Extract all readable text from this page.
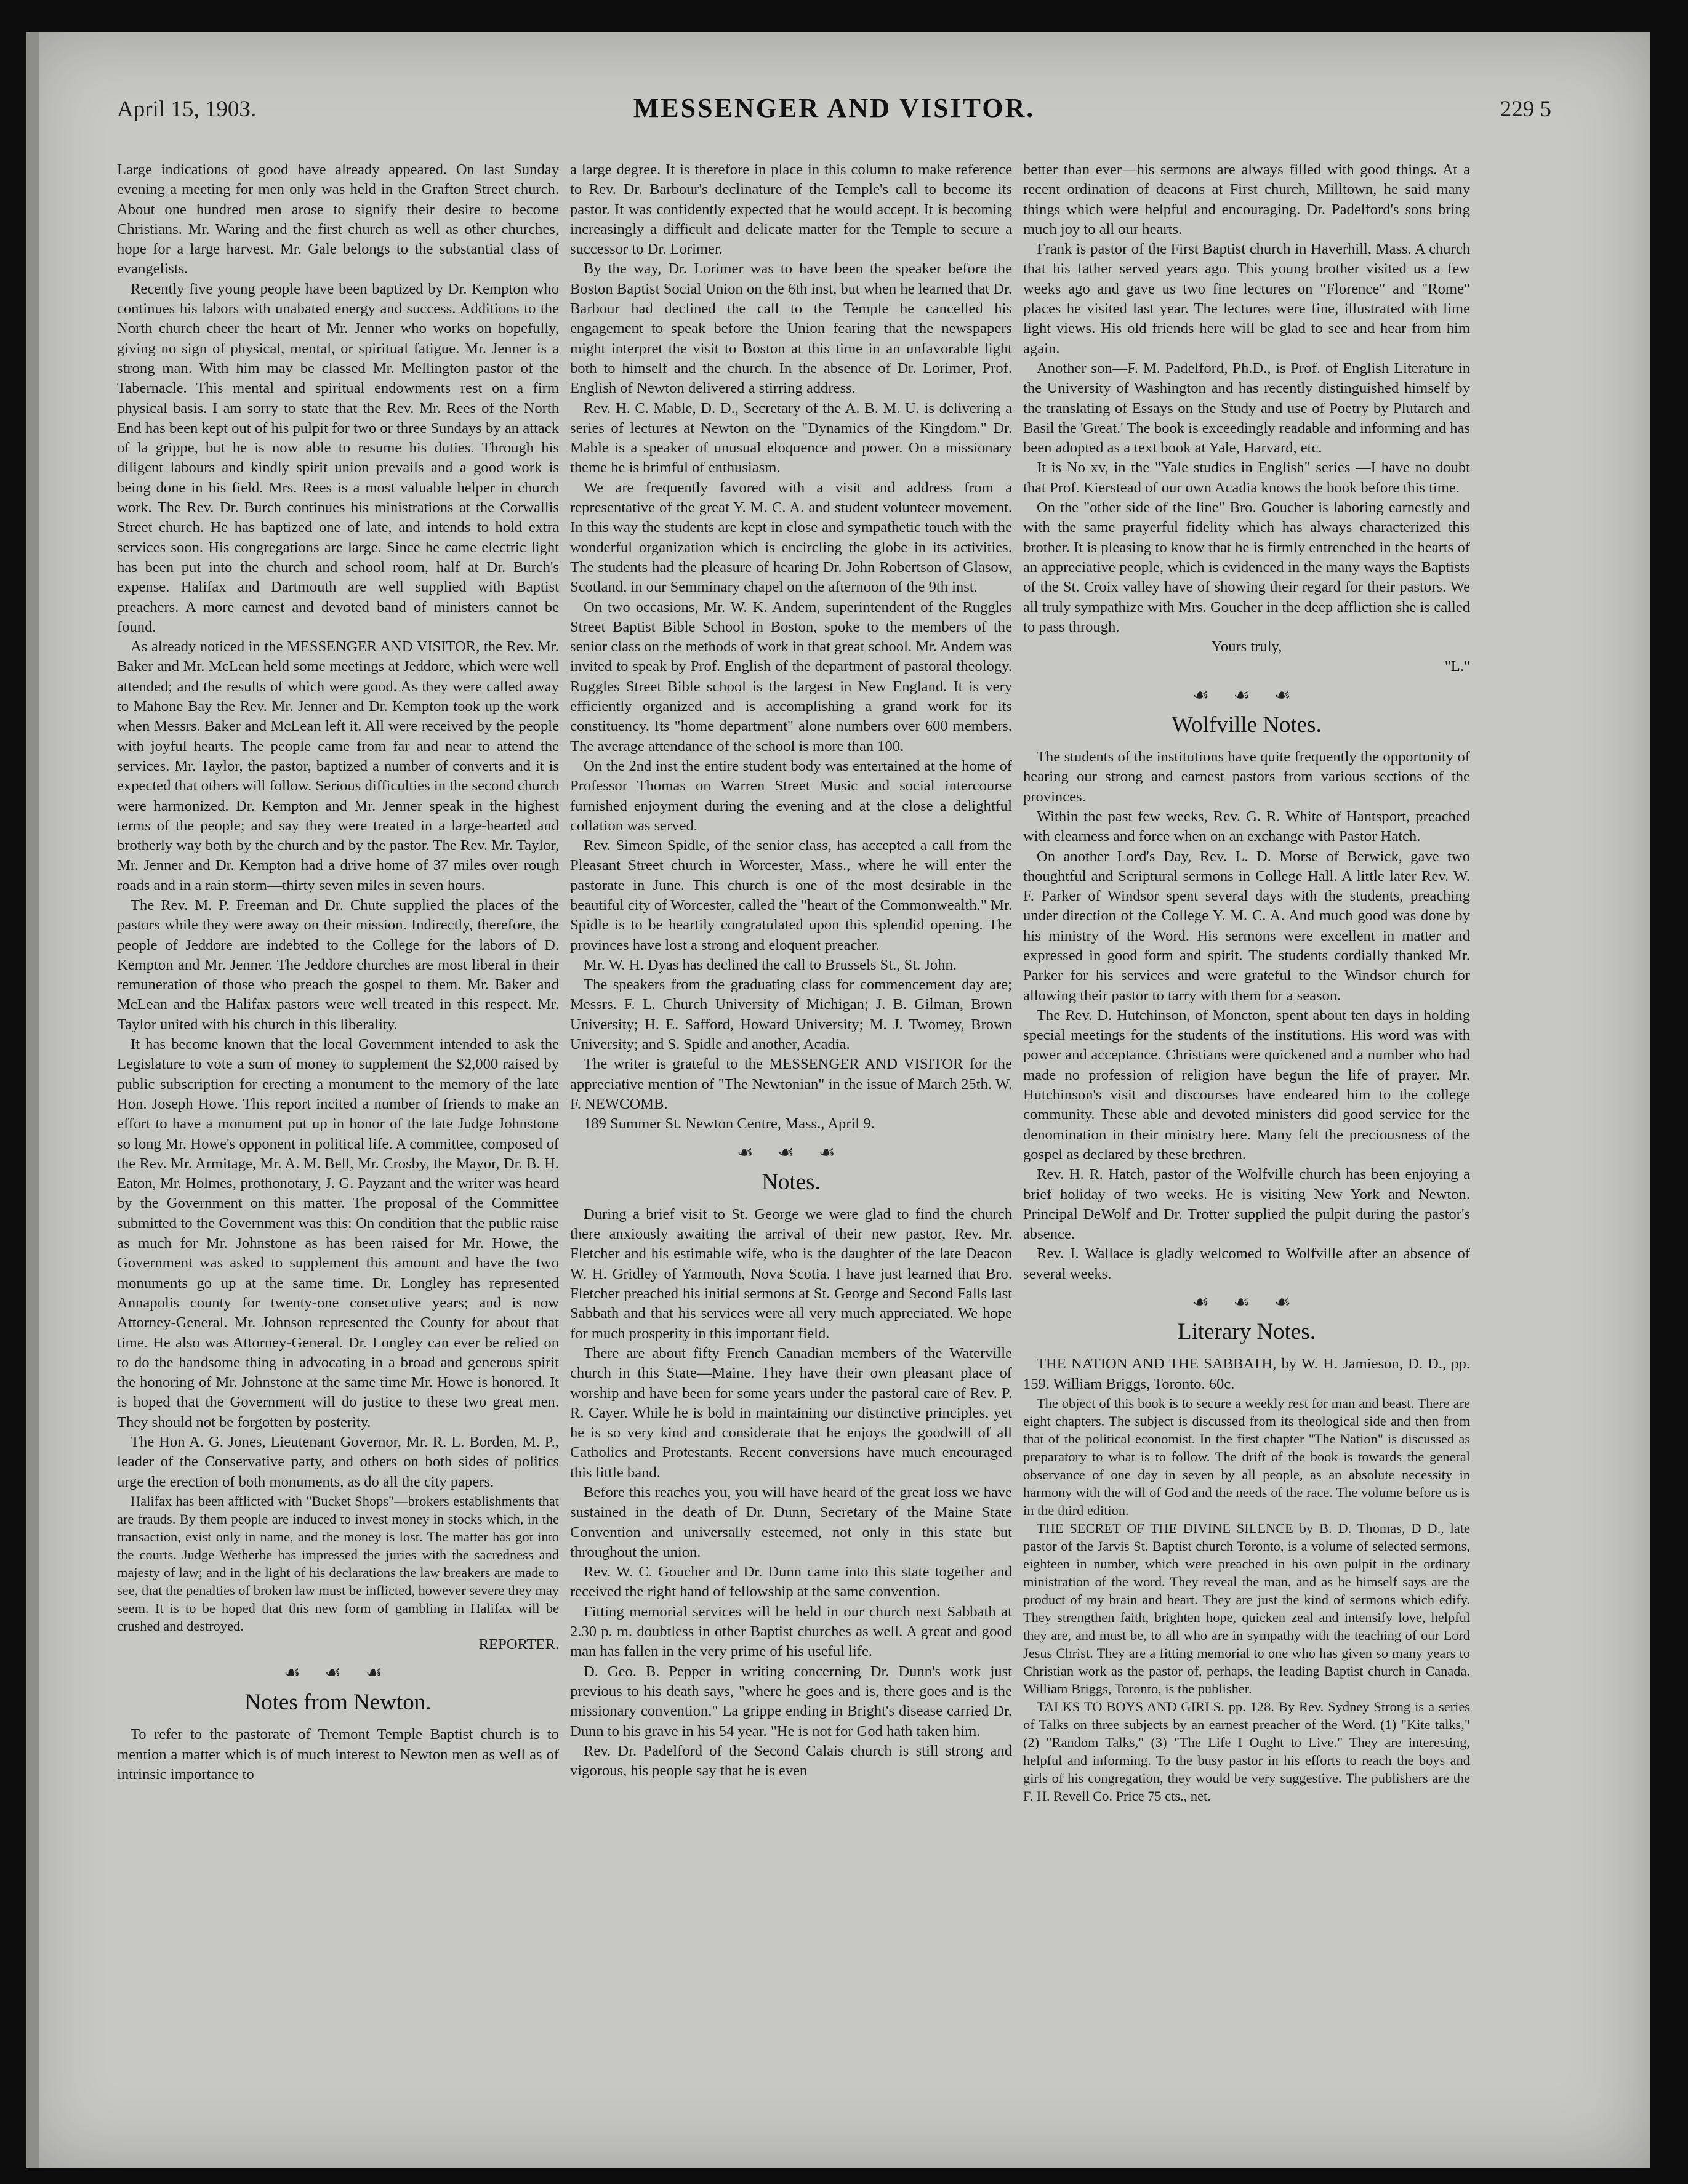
April 15, 1903.	MESSENGER AND VISITOR.	229 5

Large indications of good have already appeared. On last Sunday evening a meeting for men only was held in the Grafton Street church. About one hundred men arose to signify their desire to become Christians. Mr. Waring and the first church as well as other churches, hope for a large harvest. Mr. Gale belongs to the substantial class of evangelists.

Recently five young people have been baptized by Dr. Kempton who continues his labors with unabated energy and success. Additions to the North church cheer the heart of Mr. Jenner who works on hopefully, giving no sign of physical, mental, or spiritual fatigue. Mr. Jenner is a strong man. With him may be classed Mr. Mellington pastor of the Tabernacle. This mental and spiritual endowments rest on a firm physical basis. I am sorry to state that the Rev. Mr. Rees of the North End has been kept out of his pulpit for two or three Sundays by an attack of la grippe, but he is now able to resume his duties. Through his diligent labours and kindly spirit union prevails and a good work is being done in his field. Mrs. Rees is a most valuable helper in church work. The Rev. Dr. Burch continues his ministrations at the Corwallis Street church. He has baptized one of late, and intends to hold extra services soon. His congregations are large. Since he came electric light has been put into the church and school room, half at Dr. Burch's expense. Halifax and Dartmouth are well supplied with Baptist preachers. A more earnest and devoted band of ministers cannot be found.

As already noticed in the MESSENGER AND VISITOR, the Rev. Mr. Baker and Mr. McLean held some meetings at Jeddore, which were well attended; and the results of which were good. As they were called away to Mahone Bay the Rev. Mr. Jenner and Dr. Kempton took up the work when Messrs. Baker and McLean left it. All were received by the people with joyful hearts. The people came from far and near to attend the services. Mr. Taylor, the pastor, baptized a number of converts and it is expected that others will follow. Serious difficulties in the second church were harmonized. Dr. Kempton and Mr. Jenner speak in the highest terms of the people; and say they were treated in a large-hearted and brotherly way both by the church and by the pastor. The Rev. Mr. Taylor, Mr. Jenner and Dr. Kempton had a drive home of 37 miles over rough roads and in a rain storm—thirty seven miles in seven hours.

The Rev. M. P. Freeman and Dr. Chute supplied the places of the pastors while they were away on their mission. Indirectly, therefore, the people of Jeddore are indebted to the College for the labors of D. Kempton and Mr. Jenner. The Jeddore churches are most liberal in their remuneration of those who preach the gospel to them. Mr. Baker and McLean and the Halifax pastors were well treated in this respect. Mr. Taylor united with his church in this liberality.

It has become known that the local Government intended to ask the Legislature to vote a sum of money to supplement the $2,000 raised by public subscription for erecting a monument to the memory of the late Hon. Joseph Howe. This report incited a number of friends to make an effort to have a monument put up in honor of the late Judge Johnstone so long Mr. Howe's opponent in political life. A committee, composed of the Rev. Mr. Armitage, Mr. A. M. Bell, Mr. Crosby, the Mayor, Dr. B. H. Eaton, Mr. Holmes, prothonotary, J. G. Payzant and the writer was heard by the Government on this matter. The proposal of the Committee submitted to the Government was this: On condition that the public raise as much for Mr. Johnstone as has been raised for Mr. Howe, the Government was asked to supplement this amount and have the two monuments go up at the same time. Dr. Longley has represented Annapolis county for twenty-one consecutive years; and is now Attorney-General. Mr. Johnson represented the County for about that time. He also was Attorney-General. Dr. Longley can ever be relied on to do the handsome thing in advocating in a broad and generous spirit the honoring of Mr. Johnstone at the same time Mr. Howe is honored. It is hoped that the Government will do justice to these two great men. They should not be forgotten by posterity.

The Hon A. G. Jones, Lieutenant Governor, Mr. R. L. Borden, M. P., leader of the Conservative party, and others on both sides of politics urge the erection of both monuments, as do all the city papers.

Halifax has been afflicted with "Bucket Shops"—brokers establishments that are frauds. By them people are induced to invest money in stocks which, in the transaction, exist only in name, and the money is lost. The matter has got into the courts. Judge Wetherbe has impressed the juries with the sacredness and majesty of law; and in the light of his declarations the law breakers are made to see, that the penalties of broken law must be inflicted, however severe they may seem. It is to be hoped that this new form of gambling in Halifax will be crushed and destroyed.

REPORTER.

☙ ☙ ☙
Notes from Newton.

To refer to the pastorate of Tremont Temple Baptist church is to mention a matter which is of much interest to Newton men as well as of intrinsic importance to

a large degree. It is therefore in place in this column to make reference to Rev. Dr. Barbour's declinature of the Temple's call to become its pastor. It was confidently expected that he would accept. It is becoming increasingly a difficult and delicate matter for the Temple to secure a successor to Dr. Lorimer.

By the way, Dr. Lorimer was to have been the speaker before the Boston Baptist Social Union on the 6th inst, but when he learned that Dr. Barbour had declined the call to the Temple he cancelled his engagement to speak before the Union fearing that the newspapers might interpret the visit to Boston at this time in an unfavorable light both to himself and the church. In the absence of Dr. Lorimer, Prof. English of Newton delivered a stirring address.

Rev. H. C. Mable, D. D., Secretary of the A. B. M. U. is delivering a series of lectures at Newton on the "Dynamics of the Kingdom." Dr. Mable is a speaker of unusual eloquence and power. On a missionary theme he is brimful of enthusiasm.

We are frequently favored with a visit and address from a representative of the great Y. M. C. A. and student volunteer movement. In this way the students are kept in close and sympathetic touch with the wonderful organization which is encircling the globe in its activities. The students had the pleasure of hearing Dr. John Robertson of Glasow, Scotland, in our Semminary chapel on the afternoon of the 9th inst.

On two occasions, Mr. W. K. Andem, superintendent of the Ruggles Street Baptist Bible School in Boston, spoke to the members of the senior class on the methods of work in that great school. Mr. Andem was invited to speak by Prof. English of the department of pastoral theology. Ruggles Street Bible school is the largest in New England. It is very efficiently organized and is accomplishing a grand work for its constituency. Its "home department" alone numbers over 600 members. The average attendance of the school is more than 100.

On the 2nd inst the entire student body was entertained at the home of Professor Thomas on Warren Street Music and social intercourse furnished enjoyment during the evening and at the close a delightful collation was served.

Rev. Simeon Spidle, of the senior class, has accepted a call from the Pleasant Street church in Worcester, Mass., where he will enter the pastorate in June. This church is one of the most desirable in the beautiful city of Worcester, called the "heart of the Commonwealth." Mr. Spidle is to be heartily congratulated upon this splendid opening. The provinces have lost a strong and eloquent preacher.

Mr. W. H. Dyas has declined the call to Brussels St., St. John.

The speakers from the graduating class for commencement day are; Messrs. F. L. Church University of Michigan; J. B. Gilman, Brown University; H. E. Safford, Howard University; M. J. Twomey, Brown University; and S. Spidle and another, Acadia.

The writer is grateful to the MESSENGER AND VISITOR for the appreciative mention of "The Newtonian" in the issue of March 25th. W. F. NEWCOMB.

189 Summer St. Newton Centre, Mass., April 9.

☙ ☙ ☙
Notes.

During a brief visit to St. George we were glad to find the church there anxiously awaiting the arrival of their new pastor, Rev. Mr. Fletcher and his estimable wife, who is the daughter of the late Deacon W. H. Gridley of Yarmouth, Nova Scotia. I have just learned that Bro. Fletcher preached his initial sermons at St. George and Second Falls last Sabbath and that his services were all very much appreciated. We hope for much prosperity in this important field.

There are about fifty French Canadian members of the Waterville church in this State—Maine. They have their own pleasant place of worship and have been for some years under the pastoral care of Rev. P. R. Cayer. While he is bold in maintaining our distinctive principles, yet he is so very kind and considerate that he enjoys the goodwill of all Catholics and Protestants. Recent conversions have much encouraged this little band.

Before this reaches you, you will have heard of the great loss we have sustained in the death of Dr. Dunn, Secretary of the Maine State Convention and universally esteemed, not only in this state but throughout the union.

Rev. W. C. Goucher and Dr. Dunn came into this state together and received the right hand of fellowship at the same convention.

Fitting memorial services will be held in our church next Sabbath at 2.30 p. m. doubtless in other Baptist churches as well. A great and good man has fallen in the very prime of his useful life.

D. Geo. B. Pepper in writing concerning Dr. Dunn's work just previous to his death says, "where he goes and is, there goes and is the missionary convention." La grippe ending in Bright's disease carried Dr. Dunn to his grave in his 54 year. "He is not for God hath taken him.

Rev. Dr. Padelford of the Second Calais church is still strong and vigorous, his people say that he is even

better than ever—his sermons are always filled with good things. At a recent ordination of deacons at First church, Milltown, he said many things which were helpful and encouraging. Dr. Padelford's sons bring much joy to all our hearts.

Frank is pastor of the First Baptist church in Haverhill, Mass. A church that his father served years ago. This young brother visited us a few weeks ago and gave us two fine lectures on "Florence" and "Rome" places he visited last year. The lectures were fine, illustrated with lime light views. His old friends here will be glad to see and hear from him again.

Another son—F. M. Padelford, Ph.D., is Prof. of English Literature in the University of Washington and has recently distinguished himself by the translating of Essays on the Study and use of Poetry by Plutarch and Basil the 'Great.' The book is exceedingly readable and informing and has been adopted as a text book at Yale, Harvard, etc.

It is No xv, in the "Yale studies in English" series —I have no doubt that Prof. Kierstead of our own Acadia knows the book before this time.

On the "other side of the line" Bro. Goucher is laboring earnestly and with the same prayerful fidelity which has always characterized this brother. It is pleasing to know that he is firmly entrenched in the hearts of an appreciative people, which is evidenced in the many ways the Baptists of the St. Croix valley have of showing their regard for their pastors. We all truly sympathize with Mrs. Goucher in the deep affliction she is called to pass through.

Yours truly,

"L."

☙ ☙ ☙
Wolfville Notes.

The students of the institutions have quite frequently the opportunity of hearing our strong and earnest pastors from various sections of the provinces.

Within the past few weeks, Rev. G. R. White of Hantsport, preached with clearness and force when on an exchange with Pastor Hatch.

On another Lord's Day, Rev. L. D. Morse of Berwick, gave two thoughtful and Scriptural sermons in College Hall. A little later Rev. W. F. Parker of Windsor spent several days with the students, preaching under direction of the College Y. M. C. A. And much good was done by his ministry of the Word. His sermons were excellent in matter and expressed in good form and spirit. The students cordially thanked Mr. Parker for his services and were grateful to the Windsor church for allowing their pastor to tarry with them for a season.

The Rev. D. Hutchinson, of Moncton, spent about ten days in holding special meetings for the students of the institutions. His word was with power and acceptance. Christians were quickened and a number who had made no profession of religion have begun the life of prayer. Mr. Hutchinson's visit and discourses have endeared him to the college community. These able and devoted ministers did good service for the denomination in their ministry here. Many felt the preciousness of the gospel as declared by these brethren.

Rev. H. R. Hatch, pastor of the Wolfville church has been enjoying a brief holiday of two weeks. He is visiting New York and Newton. Principal DeWolf and Dr. Trotter supplied the pulpit during the pastor's absence.

Rev. I. Wallace is gladly welcomed to Wolfville after an absence of several weeks.

☙ ☙ ☙
Literary Notes.

THE NATION AND THE SABBATH, by W. H. Jamieson, D. D., pp. 159. William Briggs, Toronto. 60c.

The object of this book is to secure a weekly rest for man and beast. There are eight chapters. The subject is discussed from its theological side and then from that of the political economist. In the first chapter "The Nation" is discussed as preparatory to what is to follow. The drift of the book is towards the general observance of one day in seven by all people, as an absolute necessity in harmony with the will of God and the needs of the race. The volume before us is in the third edition.

THE SECRET OF THE DIVINE SILENCE by B. D. Thomas, D D., late pastor of the Jarvis St. Baptist church Toronto, is a volume of selected sermons, eighteen in number, which were preached in his own pulpit in the ordinary ministration of the word. They reveal the man, and as he himself says are the product of my brain and heart. They are just the kind of sermons which edify. They strengthen faith, brighten hope, quicken zeal and intensify love, helpful they are, and must be, to all who are in sympathy with the teaching of our Lord Jesus Christ. They are a fitting memorial to one who has given so many years to Christian work as the pastor of, perhaps, the leading Baptist church in Canada. William Briggs, Toronto, is the publisher.

TALKS TO BOYS AND GIRLS. pp. 128. By Rev. Sydney Strong is a series of Talks on three subjects by an earnest preacher of the Word. (1) "Kite talks," (2) "Random Talks," (3) "The Life I Ought to Live." They are interesting, helpful and informing. To the busy pastor in his efforts to reach the boys and girls of his congregation, they would be very suggestive. The publishers are the F. H. Revell Co. Price 75 cts., net.
